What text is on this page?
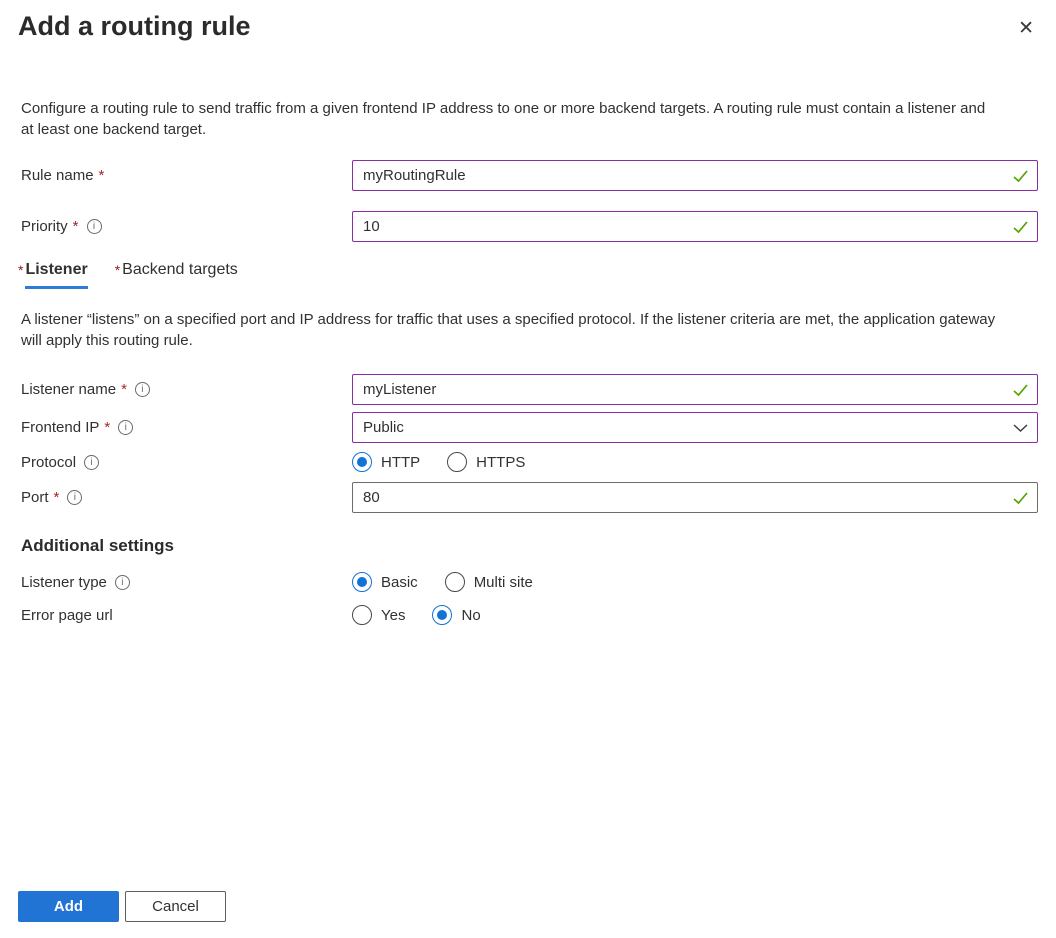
Add a routing rule	✕

Configure a routing rule to send traffic from a given frontend IP address to one or more backend targets. A routing rule must contain a listener and at least one backend target.

Rule name *	myRoutingRule
Priority *	i	10
* Listener * Backend targets

A listener “listens” on a specified port and IP address for traffic that uses a specified protocol. If the listener criteria are met, the application gateway will apply this routing rule.

Listener name *	i	myListener
Frontend IP *	i	Public
Protocol	i	HTTP	HTTPS
Port *	i	80
Additional settings
Listener type	i	Basic	Multi site
Error page url	Yes	No
Add	Cancel
